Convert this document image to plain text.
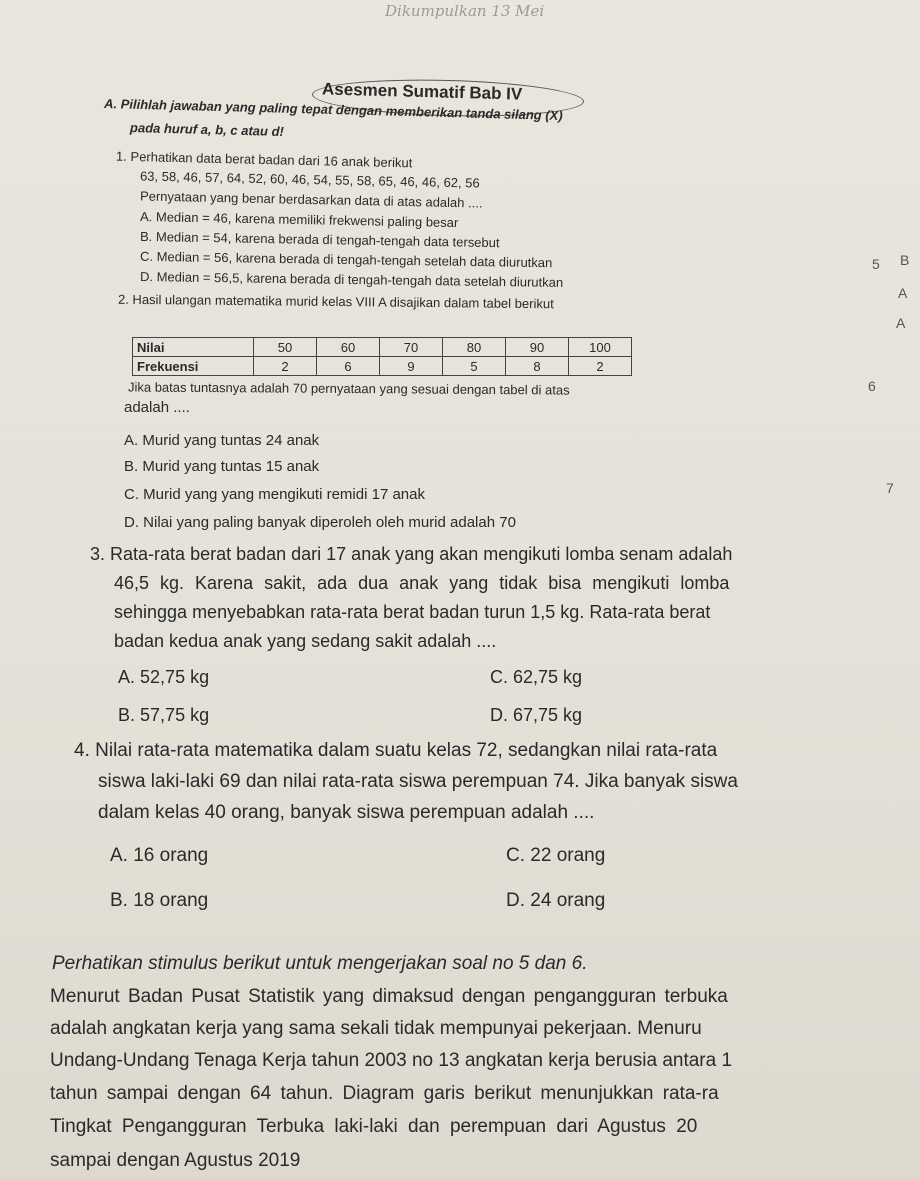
Dikumpulkan 13 Mei
Asesmen Sumatif Bab IV
A. Pilihlah jawaban yang paling tepat dengan memberikan tanda silang (X)
pada huruf a, b, c atau d!
1. Perhatikan data berat badan dari 16 anak berikut
63, 58, 46, 57, 64, 52, 60, 46, 54, 55, 58, 65, 46, 46, 62, 56
Pernyataan yang benar berdasarkan data di atas adalah ....
A. Median = 46, karena memiliki frekwensi paling besar
B. Median = 54, karena berada di tengah-tengah data tersebut
C. Median = 56, karena berada di tengah-tengah setelah data diurutkan
D. Median = 56,5, karena berada di tengah-tengah data setelah diurutkan
2. Hasil ulangan matematika murid kelas VIII A disajikan dalam tabel berikut
Nilai	50	60	70	80	90	100
Frekuensi	2	6	9	5	8	2
Jika batas tuntasnya adalah 70 pernyataan yang sesuai dengan tabel di atas
adalah ....
A. Murid yang tuntas 24 anak
B. Murid yang tuntas 15 anak
C. Murid yang yang mengikuti remidi 17 anak
D. Nilai yang paling banyak diperoleh oleh murid adalah 70
3. Rata-rata berat badan dari 17 anak yang akan mengikuti lomba senam adalah
46,5 kg. Karena sakit, ada dua anak yang tidak bisa mengikuti lomba
sehingga menyebabkan rata-rata berat badan turun 1,5 kg. Rata-rata berat
badan kedua anak yang sedang sakit adalah ....
A. 52,75 kg
B. 57,75 kg
C. 62,75 kg
D. 67,75 kg
4. Nilai rata-rata matematika dalam suatu kelas 72, sedangkan nilai rata-rata
siswa laki-laki 69 dan nilai rata-rata siswa perempuan 74. Jika banyak siswa
dalam kelas 40 orang, banyak siswa perempuan adalah ....
A. 16 orang
B. 18 orang
C. 22 orang
D. 24 orang
Perhatikan stimulus berikut untuk mengerjakan soal no 5 dan 6.
Menurut Badan Pusat Statistik yang dimaksud dengan pengangguran terbuka
adalah angkatan kerja yang sama sekali tidak mempunyai pekerjaan. Menuru
Undang-Undang Tenaga Kerja tahun 2003 no 13 angkatan kerja berusia antara 1
tahun sampai dengan 64 tahun. Diagram garis berikut menunjukkan rata-ra
Tingkat Pengangguran Terbuka laki-laki dan perempuan dari Agustus 20
sampai dengan Agustus 2019
5 B
A
A
6
7
